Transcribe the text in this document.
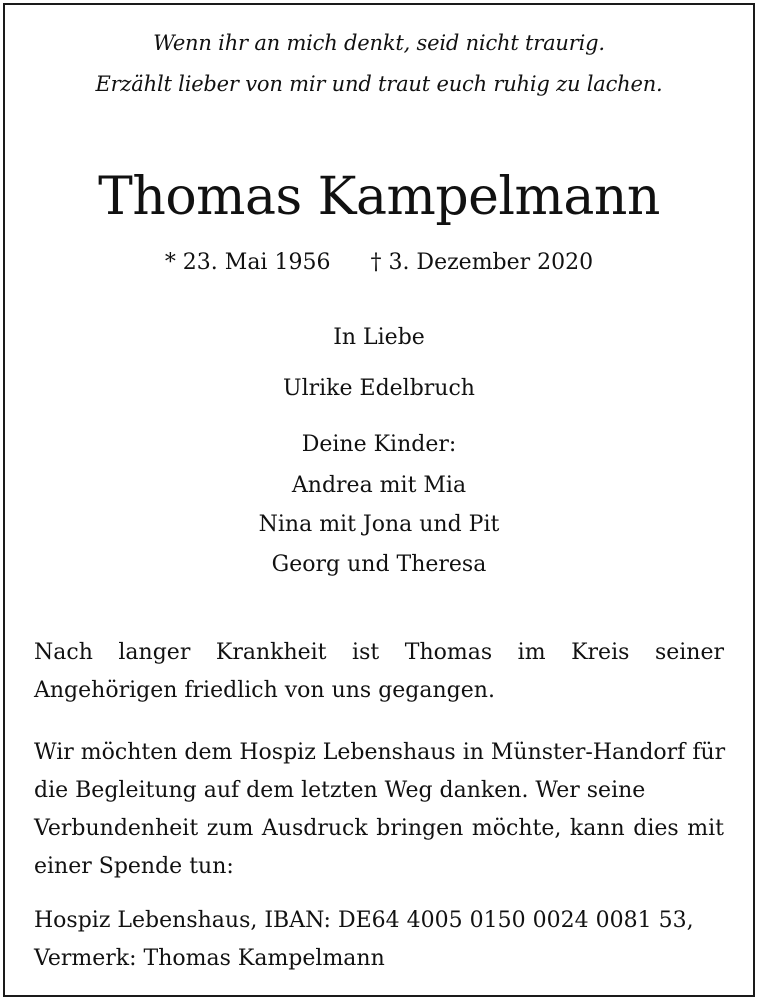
Wenn ihr an mich denkt, seid nicht traurig.
Erzählt lieber von mir und traut euch ruhig zu lachen.
Thomas Kampelmann
* 23. Mai 1956 † 3. Dezember 2020
In Liebe
Ulrike Edelbruch
Deine Kinder:
Andrea mit Mia
Nina mit Jona und Pit
Georg und Theresa
Nach langer Krankheit ist Thomas im Kreis seiner
Angehörigen friedlich von uns gegangen.
Wir möchten dem Hospiz Lebenshaus in Münster-Handorf für
die Begleitung auf dem letzten Weg danken. Wer seine
Verbundenheit zum Ausdruck bringen möchte, kann dies mit
einer Spende tun:
Hospiz Lebenshaus, IBAN: DE64 4005 0150 0024 0081 53,
Vermerk: Thomas Kampelmann
